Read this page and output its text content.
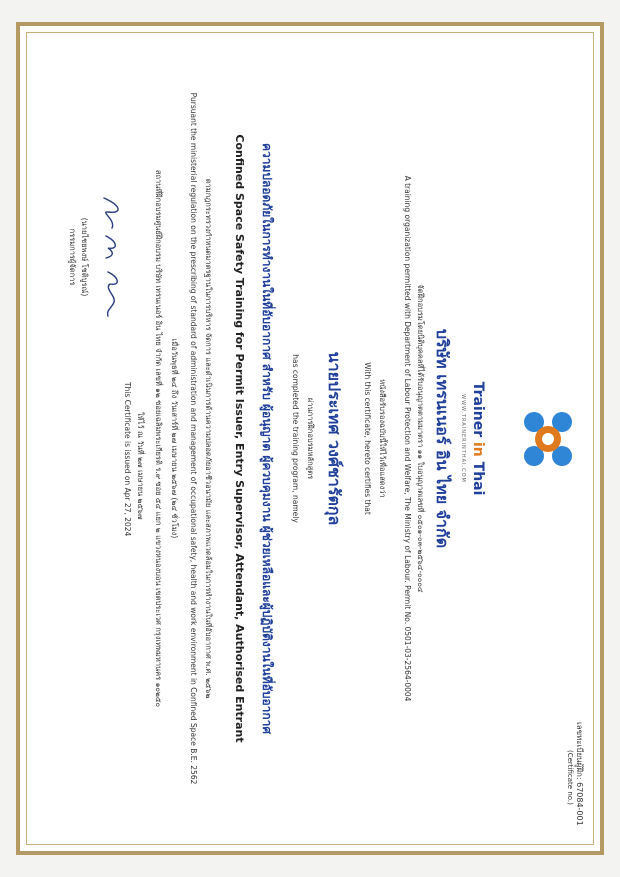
เลขทะเบียนผู้ฝึก: 67084-001
(Certificate no.)
Trainer in Thai
WWW.TRAINERINTHAI.COM
บริษัท เทรนเนอร์ อิน ไทย จำกัด
จัดฝึกอบรมโดยนิติบุคคลที่ได้รับอนุญาตตามมาตรา ๑๑ ใบอนุญาตเลขที่ ๐๕๐๑-๐๓-๒๕๖๔-๐๐๐๔
A training organization permitted with Department of Labour Protection and Welfare, The Ministry of Labour. Permit No. 0501-03-2564-0004
หนังสือรับรองฉบับนี้ให้ไว้เพื่อแสดงว่า
With this certificate, hereto certifies that
นายประเทศ วงศ์ชารัตกุล
ผ่านการฝึกอบรมหลักสูตร
has completed the training program, namely
ความปลอดภัยในการทำงานในที่อับอากาศ สำหรับ ผู้อนุญาต ผู้ควบคุมงาน ผู้ช่วยเหลือและผู้ปฏิบัติงานในที่อับอากาศ
Confined Space Safety Training for Permit Issuer, Entry Supervisor, Attendant, Authorised Entrant
ตามกฎกระทรวงกำหนดมาตรฐานในการบริหาร จัดการ และดำเนินการด้านความปลอดภัยอาชีวอนามัย และสภาพแวดล้อมในการทำงานในที่อับอากาศ พ.ศ. ๒๕๖๒
Pursuant the ministerial regulation on the prescribing of standard of administration and management of occupational safety, health and work environment in Confined Space B.E. 2562
เมื่อวันพุธที่ ๒๔ ถึง วันเสาร์ที่ ๒๗ เมษายน ๒๕๖๗ (๒๔ ชั่วโมง)
สถานที่ฝึกอบรมศูนย์ฝึกอบรม บริษัท เทรนเนอร์ อิน ไทย จำกัด เลขที่ ๑๒ ซอยเฉลิมพระเกียรติ ร.๙ ซอย ๕๔ แยก ๒ แขวงหนองบอน เขตประเวศ กรุงเทพมหานคร ๑๐๒๕๐
ให้ไว้ ณ วันที่ ๒๗ เมษายน ๒๕๖๗
This Certificate is issued on Apr 27, 2024
(นายไชยพงษ์ โชติบูรณ์)
กรรมการผู้จัดการ
